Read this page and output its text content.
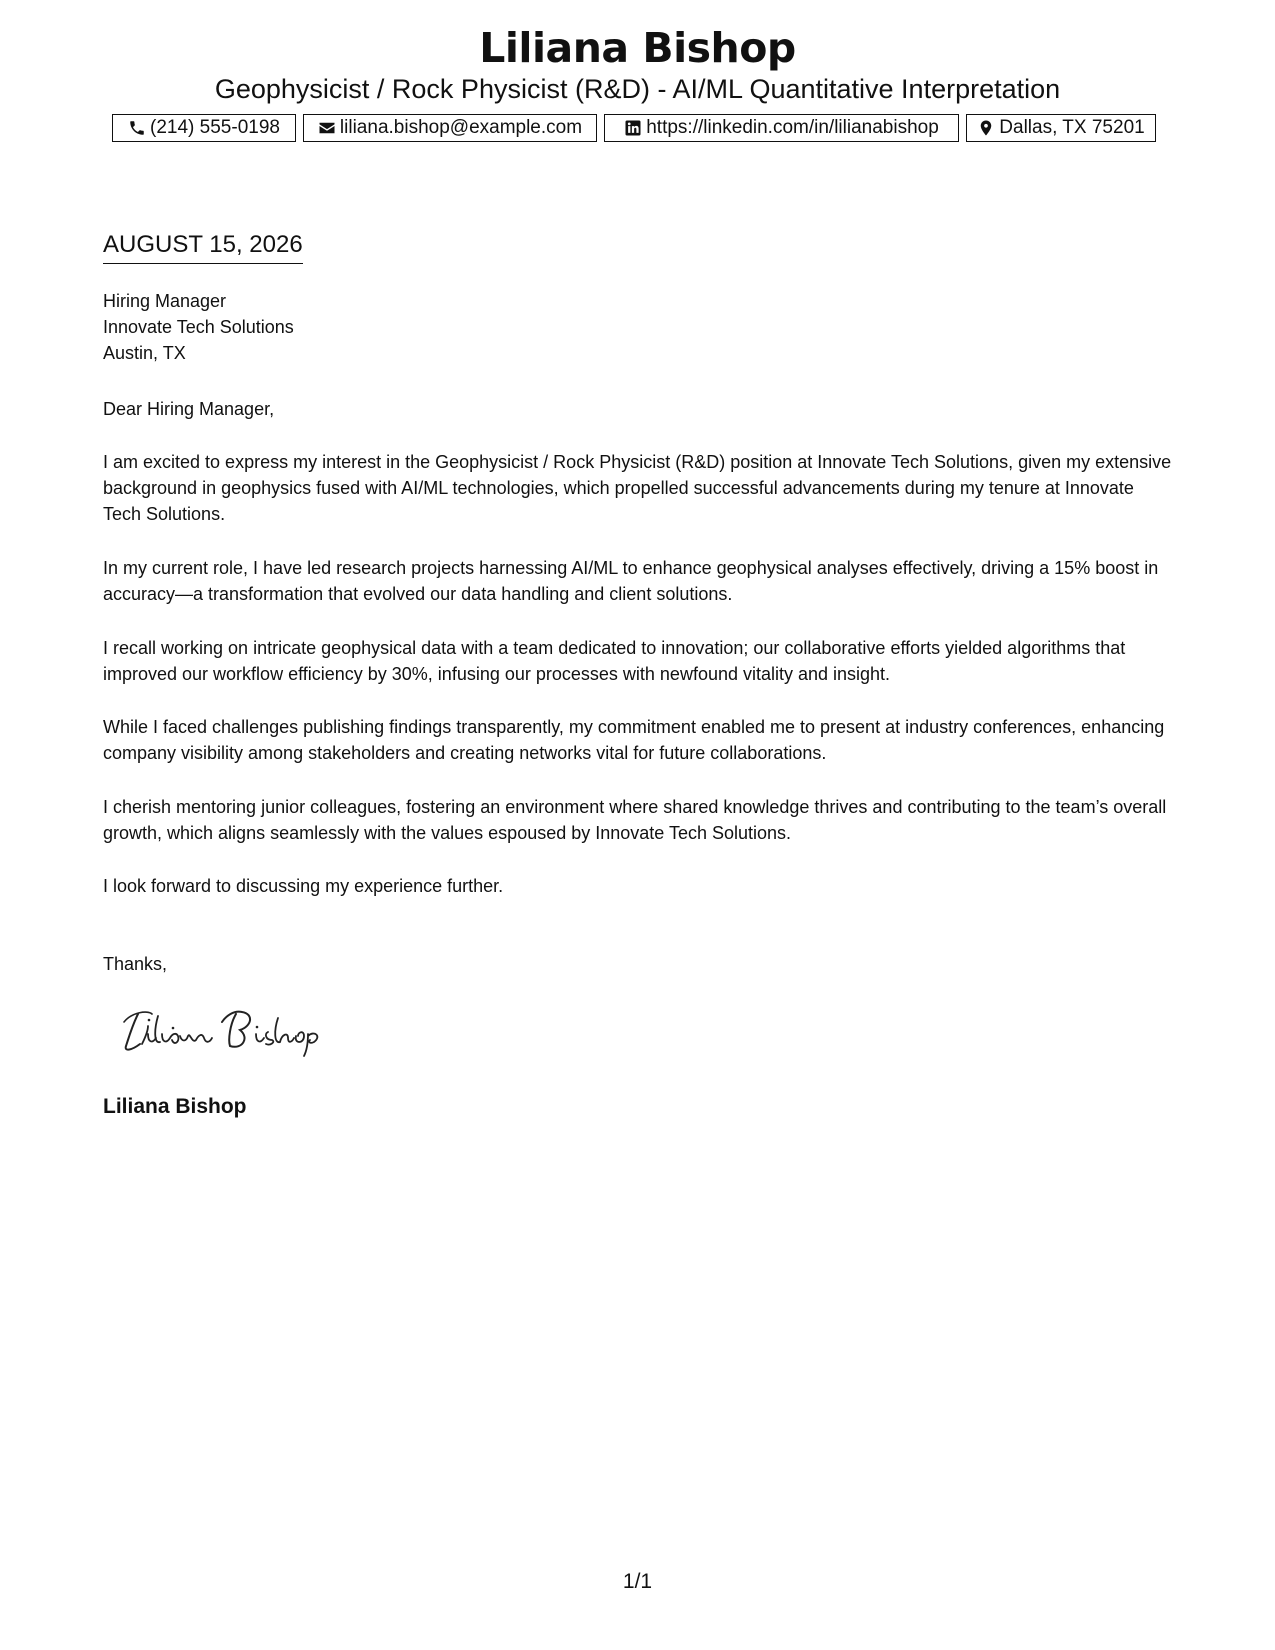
Liliana Bishop
Geophysicist / Rock Physicist (R&D) - AI/ML Quantitative Interpretation
(214) 555-0198	liliana.bishop@example.com	https://linkedin.com/in/lilianabishop	Dallas, TX 75201
AUGUST 15, 2026
Hiring Manager
Innovate Tech Solutions
Austin, TX
Dear Hiring Manager,
I am excited to express my interest in the Geophysicist / Rock Physicist (R&D) position at Innovate Tech Solutions, given my extensive background in geophysics fused with AI/ML technologies, which propelled successful advancements during my tenure at Innovate Tech Solutions.
In my current role, I have led research projects harnessing AI/ML to enhance geophysical analyses effectively, driving a 15% boost in accuracy—a transformation that evolved our data handling and client solutions.
I recall working on intricate geophysical data with a team dedicated to innovation; our collaborative efforts yielded algorithms that improved our workflow efficiency by 30%, infusing our processes with newfound vitality and insight.
While I faced challenges publishing findings transparently, my commitment enabled me to present at industry conferences, enhancing company visibility among stakeholders and creating networks vital for future collaborations.
I cherish mentoring junior colleagues, fostering an environment where shared knowledge thrives and contributing to the team’s overall growth, which aligns seamlessly with the values espoused by Innovate Tech Solutions.
I look forward to discussing my experience further.
Thanks,
Liliana Bishop
1/1
